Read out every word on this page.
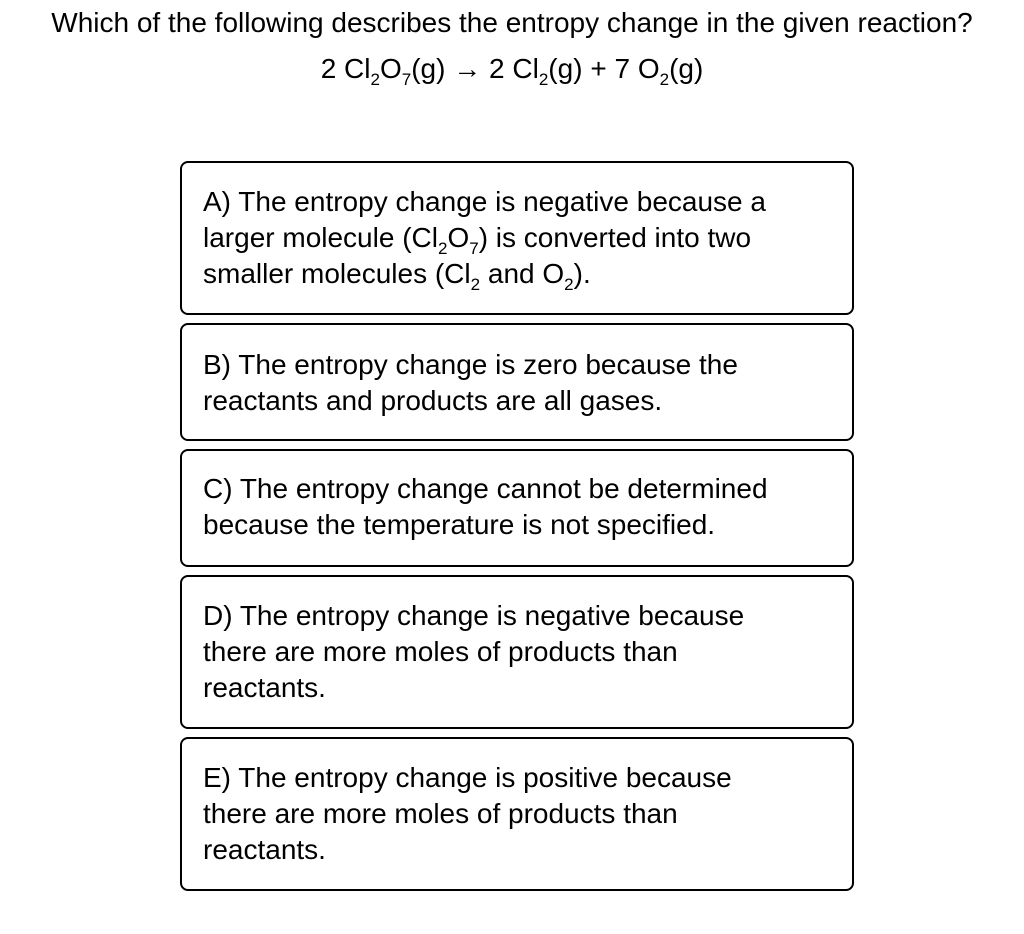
Which of the following describes the entropy change in the given reaction?
2 $Cl_2O_7(g) \to 2$ $Cl_2(g) + 7$ $O_2(g)$
A) The entropy change is negative because a
larger molecule $(Cl_2O_7)$ is converted into two
smaller molecules ($Cl_2$ and $O_2$).
B) The entropy change is zero because the
reactants and products are all gases.
C) The entropy change cannot be determined
because the temperature is not specified.
D) The entropy change is negative because
there are more moles of products than
reactants.
E) The entropy change is positive because
there are more moles of products than
reactants.
